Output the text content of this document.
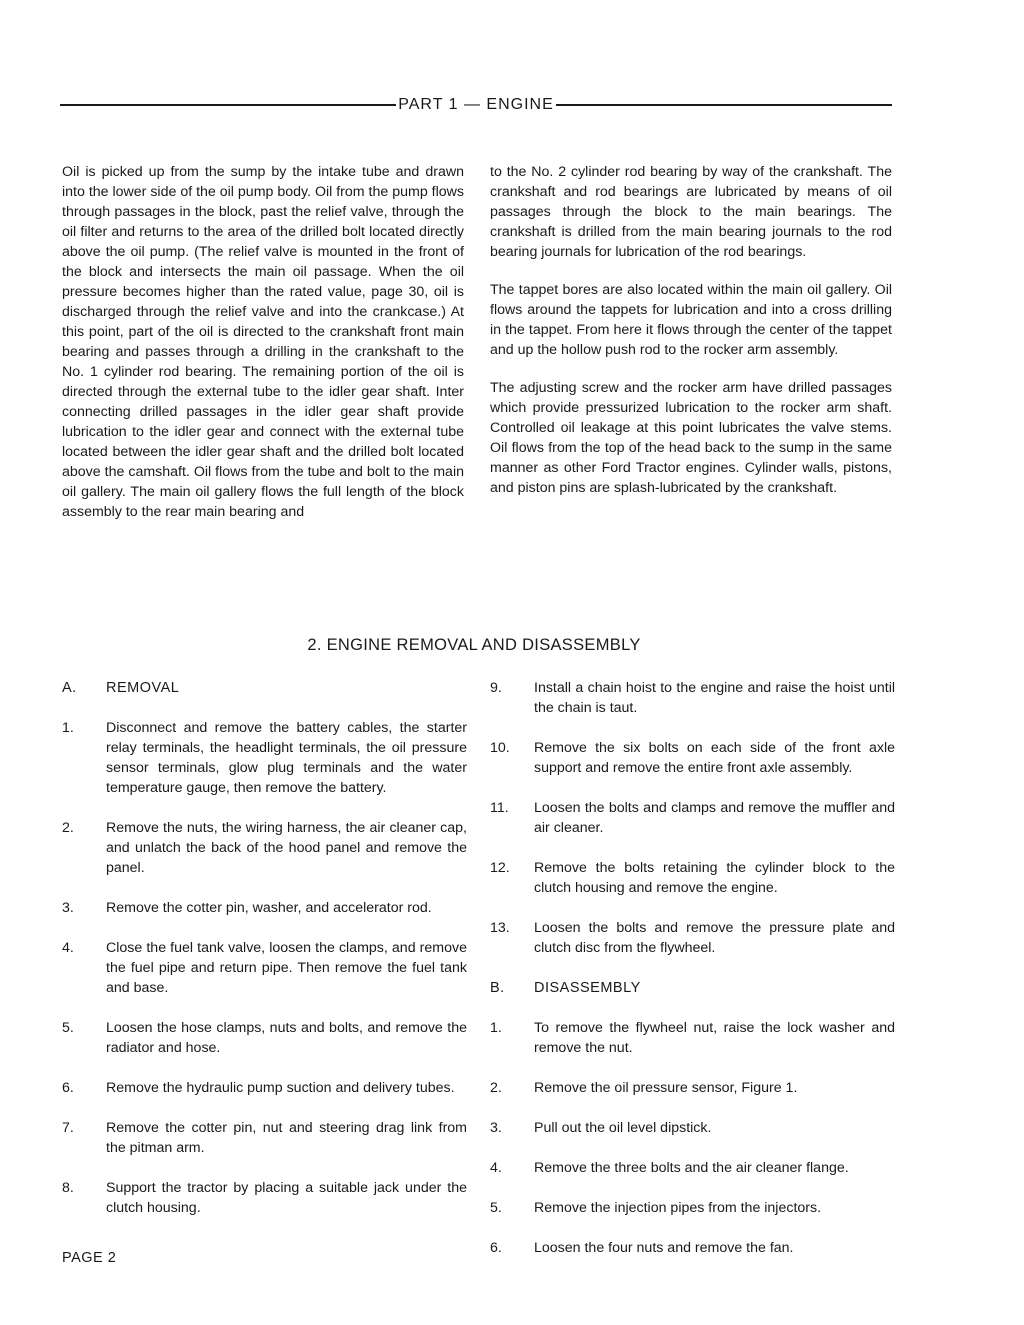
PART 1 — ENGINE

Oil is picked up from the sump by the intake tube and drawn into the lower side of the oil pump body. Oil from the pump flows through passages in the block, past the relief valve, through the oil filter and returns to the area of the drilled bolt located directly above the oil pump. (The relief valve is mounted in the front of the block and intersects the main oil passage. When the oil pressure becomes higher than the rated value, page 30, oil is discharged through the relief valve and into the crankcase.) At this point, part of the oil is directed to the crankshaft front main bearing and passes through a drilling in the crankshaft to the No. 1 cylinder rod bearing. The remaining portion of the oil is directed through the external tube to the idler gear shaft. Inter connecting drilled passages in the idler gear shaft provide lubrication to the idler gear and connect with the external tube located between the idler gear shaft and the drilled bolt located above the camshaft. Oil flows from the tube and bolt to the main oil gallery. The main oil gallery flows the full length of the block assembly to the rear main bearing and

to the No. 2 cylinder rod bearing by way of the crankshaft. The crankshaft and rod bearings are lubricated by means of oil passages through the block to the main bearings. The crankshaft is drilled from the main bearing journals to the rod bearing journals for lubrication of the rod bearings.

The tappet bores are also located within the main oil gallery. Oil flows around the tappets for lubrication and into a cross drilling in the tappet. From here it flows through the center of the tappet and up the hollow push rod to the rocker arm assembly.

The adjusting screw and the rocker arm have drilled passages which provide pressurized lubrication to the rocker arm shaft. Controlled oil leakage at this point lubricates the valve stems. Oil flows from the top of the head back to the sump in the same manner as other Ford Tractor engines. Cylinder walls, pistons, and piston pins are splash-lubricated by the crankshaft.

2. ENGINE REMOVAL AND DISASSEMBLY
A.	REMOVAL
1.	Disconnect and remove the battery cables, the starter relay terminals, the headlight terminals, the oil pressure sensor terminals, glow plug terminals and the water temperature gauge, then remove the battery.
2.	Remove the nuts, the wiring harness, the air cleaner cap, and unlatch the back of the hood panel and remove the panel.
3.	Remove the cotter pin, washer, and accelerator rod.
4.	Close the fuel tank valve, loosen the clamps, and remove the fuel pipe and return pipe. Then remove the fuel tank and base.
5.	Loosen the hose clamps, nuts and bolts, and remove the radiator and hose.
6.	Remove the hydraulic pump suction and delivery tubes.
7.	Remove the cotter pin, nut and steering drag link from the pitman arm.
8.	Support the tractor by placing a suitable jack under the clutch housing.
9.	Install a chain hoist to the engine and raise the hoist until the chain is taut.
10.	Remove the six bolts on each side of the front axle support and remove the entire front axle assembly.
11.	Loosen the bolts and clamps and remove the muffler and air cleaner.
12.	Remove the bolts retaining the cylinder block to the clutch housing and remove the engine.
13.	Loosen the bolts and remove the pressure plate and clutch disc from the flywheel.
B.	DISASSEMBLY
1.	To remove the flywheel nut, raise the lock washer and remove the nut.
2.	Remove the oil pressure sensor, Figure 1.
3.	Pull out the oil level dipstick.
4.	Remove the three bolts and the air cleaner flange.
5.	Remove the injection pipes from the injectors.
6.	Loosen the four nuts and remove the fan.
PAGE 2
